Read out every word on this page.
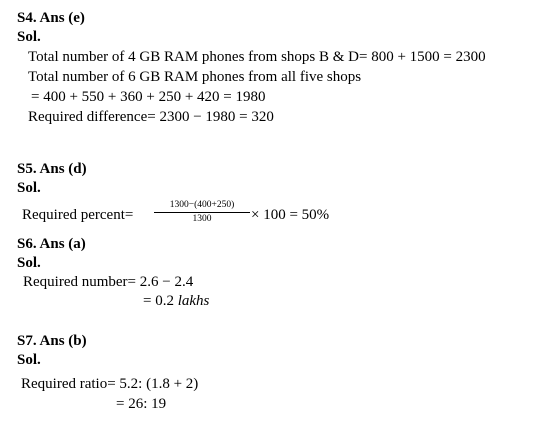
S4. Ans (e)
Sol.
Total number of 4 GB RAM phones from shops B & D= 800 + 1500 = 2300
Total number of 6 GB RAM phones from all five shops
= 400 + 550 + 360 + 250 + 420 = 1980
Required difference= 2300 − 1980 = 320
S5. Ans (d)
Sol.
Required percent=
1300−(400+250)
1300	× 100 = 50%
S6. Ans (a)
Sol.
Required number= 2.6 − 2.4
= 0.2 lakhs
S7. Ans (b)
Sol.
Required ratio= 5.2: (1.8 + 2)
= 26: 19
